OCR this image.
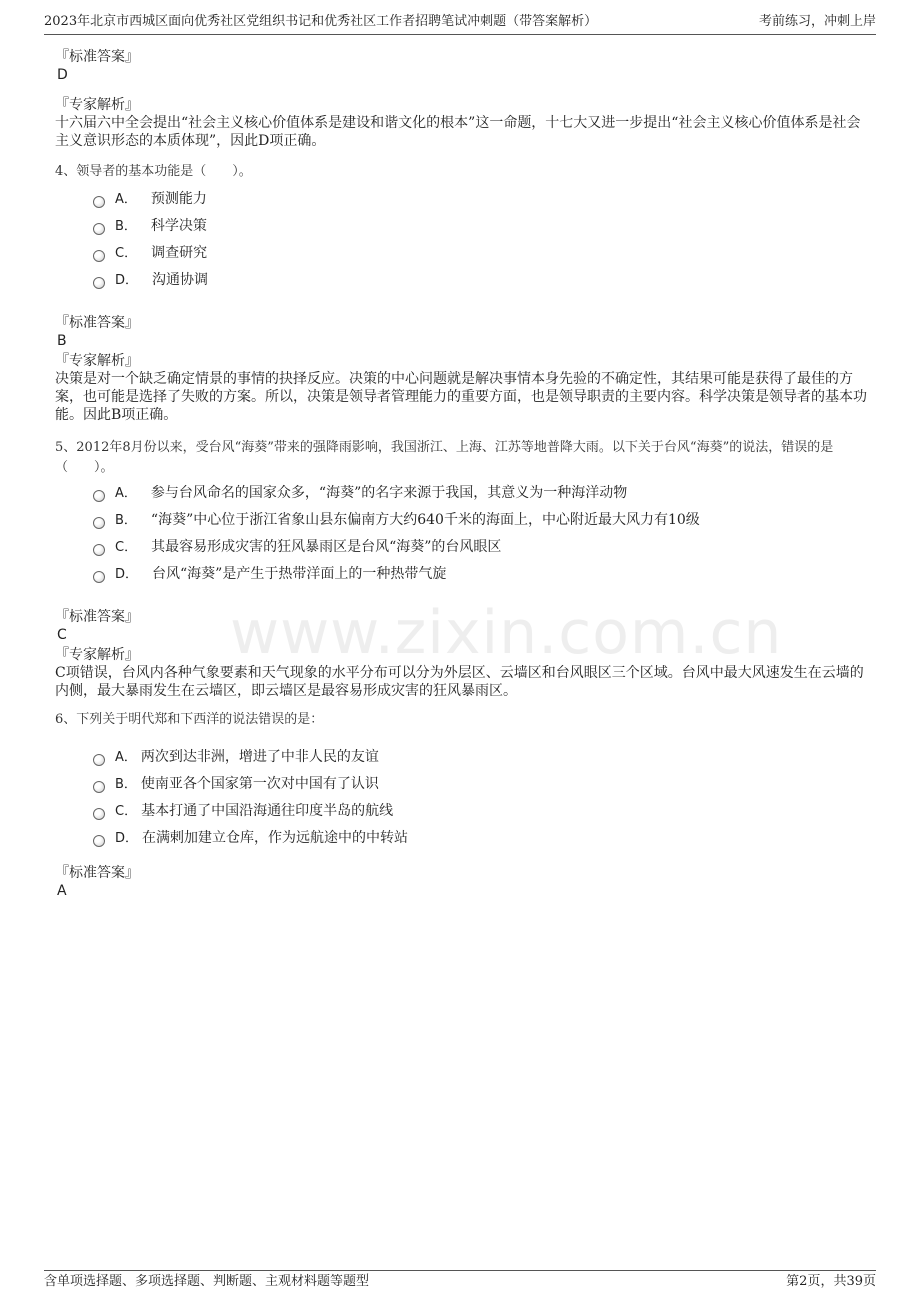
2023年北京市西城区面向优秀社区党组织书记和优秀社区工作者招聘笔试冲刺题（带答案解析）	考前练习，冲刺上岸
www.zixin.com.cn
『标准答案』
D
『专家解析』
十六届六中全会提出“社会主义核心价值体系是建设和谐文化的根本”这一命题，十七大又进一步提出“社会主义核心价值体系是社会主义意识形态的本质体现”，因此D项正确。
4、领导者的基本功能是（　　）。
A． 预测能力
B． 科学决策
C． 调查研究
D． 沟通协调
『标准答案』
B
『专家解析』
决策是对一个缺乏确定情景的事情的抉择反应。决策的中心问题就是解决事情本身先验的不确定性，其结果可能是获得了最佳的方案，也可能是选择了失败的方案。所以，决策是领导者管理能力的重要方面，也是领导职责的主要内容。科学决策是领导者的基本功能。因此B项正确。
5、2012年8月份以来，受台风“海葵”带来的强降雨影响，我国浙江、上海、江苏等地普降大雨。以下关于台风“海葵”的说法，错误的是（　　）。
A． 参与台风命名的国家众多，“海葵”的名字来源于我国，其意义为一种海洋动物
B． “海葵”中心位于浙江省象山县东偏南方大约640千米的海面上，中心附近最大风力有10级
C． 其最容易形成灾害的狂风暴雨区是台风“海葵”的台风眼区
D． 台风“海葵”是产生于热带洋面上的一种热带气旋
『标准答案』
C
『专家解析』
C项错误，台风内各种气象要素和天气现象的水平分布可以分为外层区、云墙区和台风眼区三个区域。台风中最大风速发生在云墙的内侧，最大暴雨发生在云墙区，即云墙区是最容易形成灾害的狂风暴雨区。
6、下列关于明代郑和下西洋的说法错误的是：
A． 两次到达非洲，增进了中非人民的友谊
B． 使南亚各个国家第一次对中国有了认识
C． 基本打通了中国沿海通往印度半岛的航线
D． 在满剌加建立仓库，作为远航途中的中转站
『标准答案』
A
含单项选择题、多项选择题、判断题、主观材料题等题型	第2页，共39页
